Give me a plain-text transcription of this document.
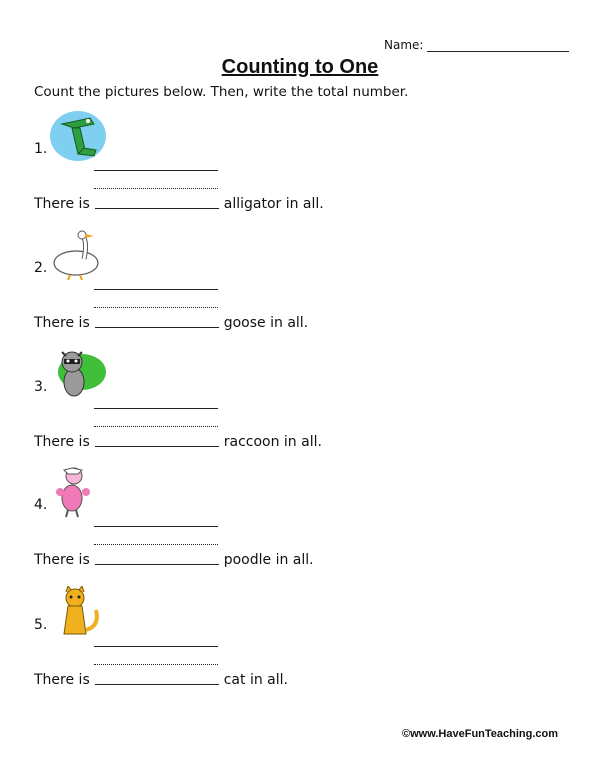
Name:
Counting to One
Count the pictures below. Then, write the total number.
1.
There is	alligator in all.
2.
There is	goose in all.
3.
There is	raccoon in all.
4.
There is	poodle in all.
5.
There is	cat in all.
©www.HaveFunTeaching.com
